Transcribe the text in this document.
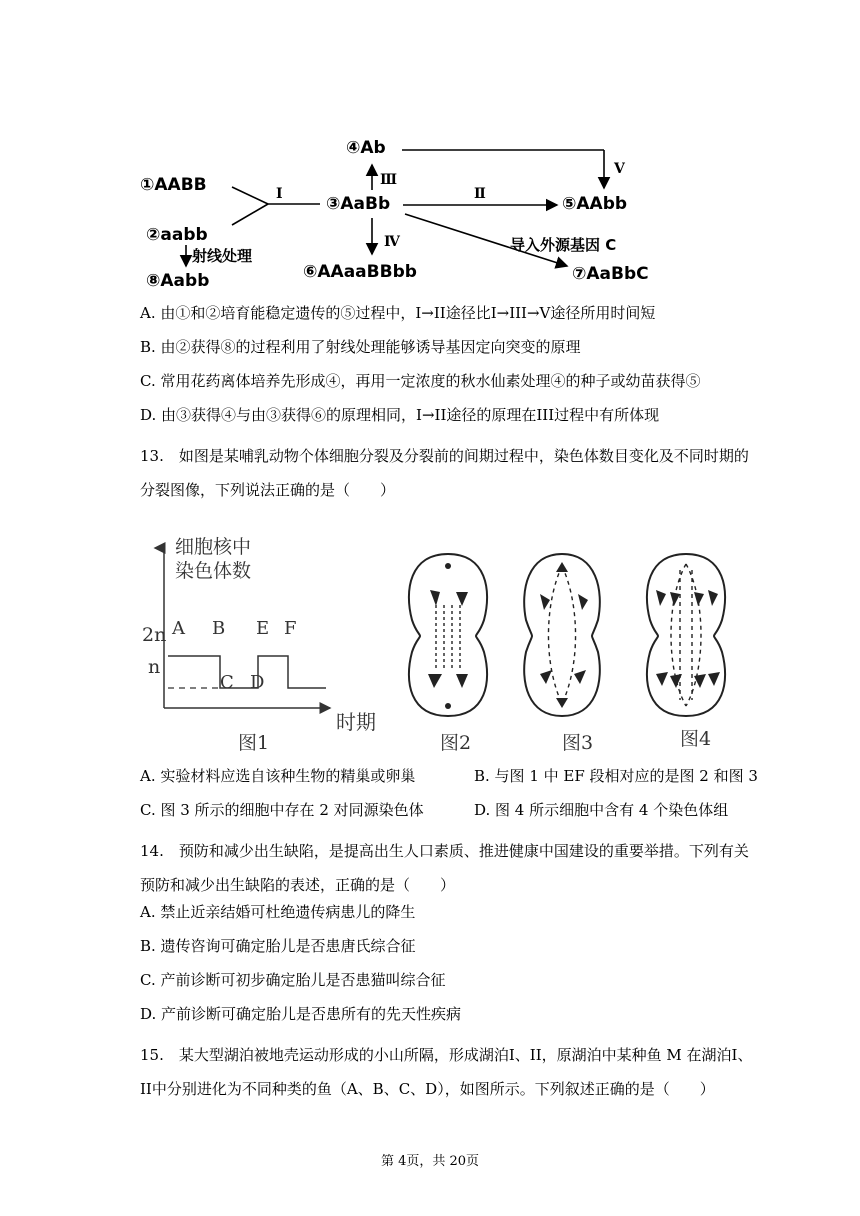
①AABB
②aabb
③AaBb
④Ab
⑤AAbb
⑥AAaaBBbb	⑦AaBbC
⑧Aabb
I	Ⅱ
Ⅲ
Ⅳ
V
射线处理
导入外源基因 C
A. 由①和②培育能稳定遗传的⑤过程中，I→II途径比I→III→V途径所用时间短
B. 由②获得⑧的过程利用了射线处理能够诱导基因定向突变的原理
C. 常用花药离体培养先形成④，再用一定浓度的秋水仙素处理④的种子或幼苗获得⑤
D. 由③获得④与由③获得⑥的原理相同，I→II途径的原理在III过程中有所体现
13.　如图是某哺乳动物个体细胞分裂及分裂前的间期过程中，染色体数目变化及不同时期的分裂图像，下列说法正确的是（　　）
细胞核中
染色体数
2n
n
A B
C D
E F
时期
图1	图2	图3	图4
A. 实验材料应选自该种生物的精巢或卵巢	B. 与图 1 中 EF 段相对应的是图 2 和图 3
C. 图 3 所示的细胞中存在 2 对同源染色体	D. 图 4 所示细胞中含有 4 个染色体组
14.　预防和减少出生缺陷，是提高出生人口素质、推进健康中国建设的重要举措。下列有关预防和减少出生缺陷的表述，正确的是（　　）
A. 禁止近亲结婚可杜绝遗传病患儿的降生
B. 遗传咨询可确定胎儿是否患唐氏综合征
C. 产前诊断可初步确定胎儿是否患猫叫综合征
D. 产前诊断可确定胎儿是否患所有的先天性疾病
15.　某大型湖泊被地壳运动形成的小山所隔，形成湖泊I、II，原湖泊中某种鱼 M 在湖泊I、II中分别进化为不同种类的鱼（A、B、C、D），如图所示。下列叙述正确的是（　　）
第 4页，共 20页
